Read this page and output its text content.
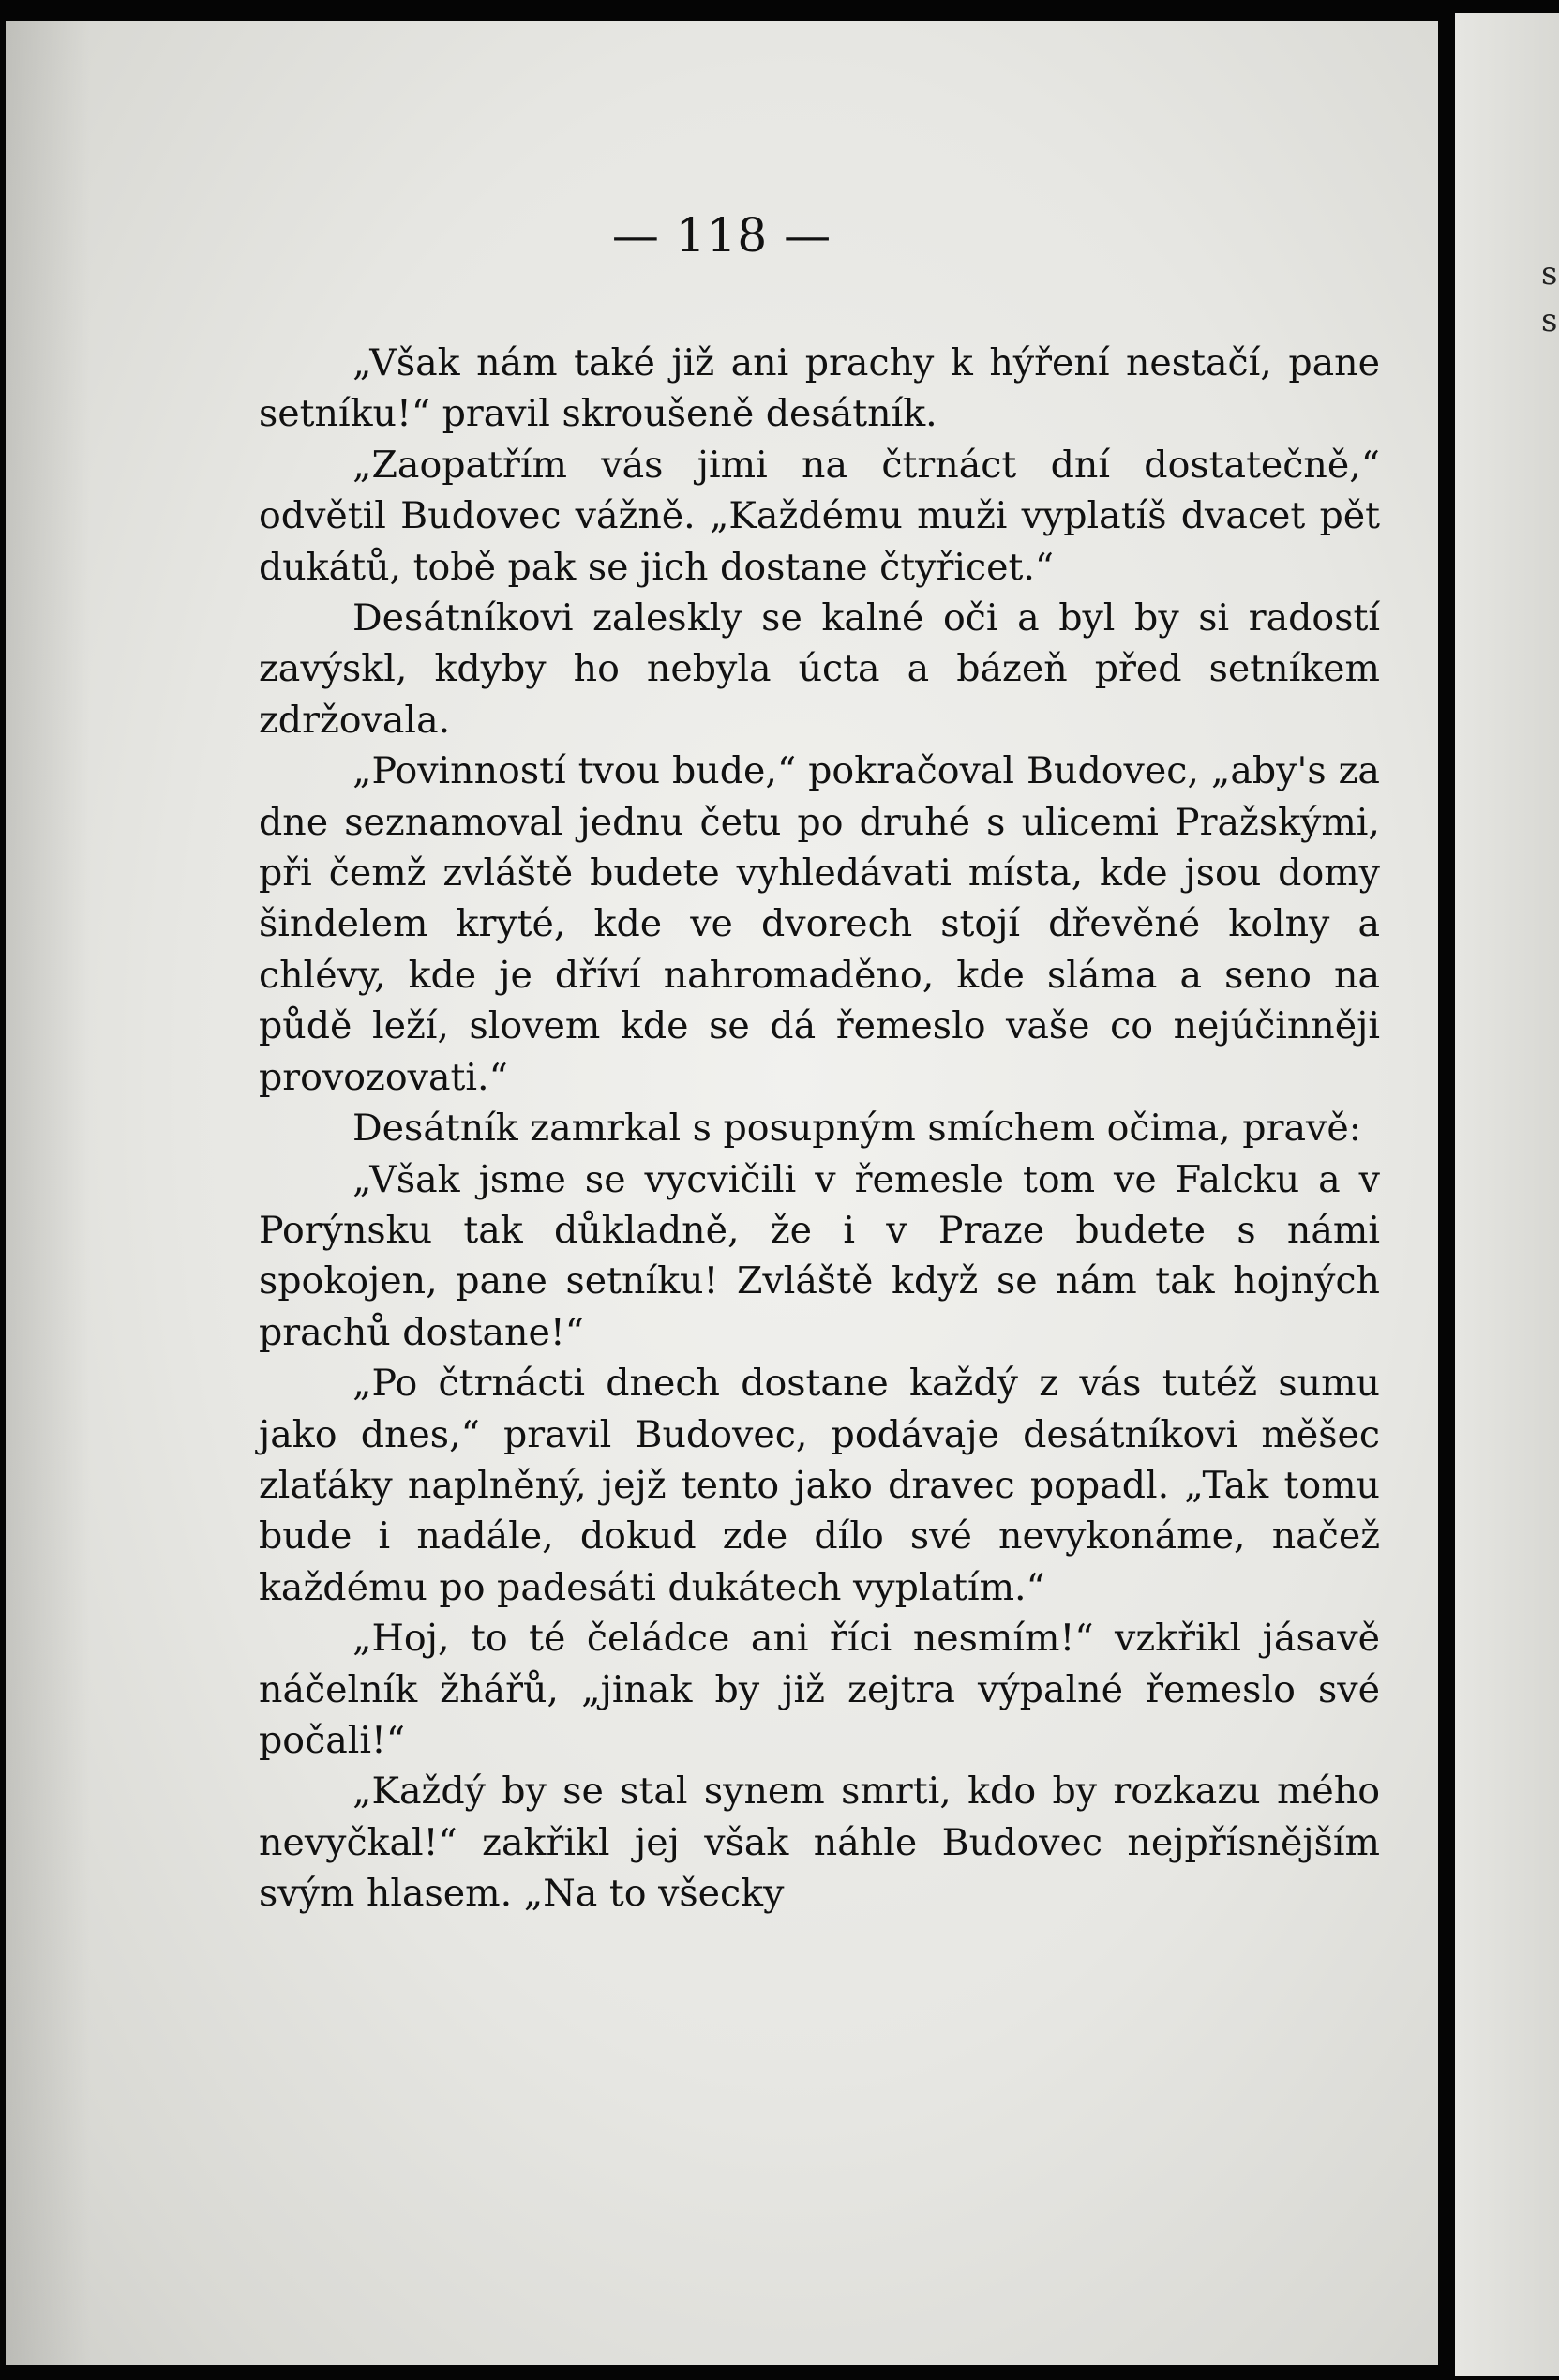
— 118 —

„Však nám také již ani prachy k hýření nestačí, pane setníku!“ pravil skroušeně desátník.

„Zaopatřím vás jimi na čtrnáct dní dostatečně,“ odvětil Budovec vážně. „Každému muži vyplatíš dvacet pět dukátů, tobě pak se jich dostane čtyřicet.“

Desátníkovi zaleskly se kalné oči a byl by si radostí zavýskl, kdyby ho nebyla úcta a bázeň před setníkem zdržovala.

„Povinností tvou bude,“ pokračoval Budovec, „aby's za dne seznamoval jednu četu po druhé s ulicemi Pražskými, při čemž zvláště budete vyhledávati místa, kde jsou domy šindelem kryté, kde ve dvorech stojí dřevěné kolny a chlévy, kde je dříví nahromaděno, kde sláma a seno na půdě leží, slovem kde se dá řemeslo vaše co nejúčinněji provozovati.“

Desátník zamrkal s posupným smíchem očima, pravě:

„Však jsme se vycvičili v řemesle tom ve Falcku a v Porýnsku tak důkladně, že i v Praze budete s námi spokojen, pane setníku! Zvláště když se nám tak hojných prachů dostane!“

„Po čtrnácti dnech dostane každý z vás tutéž sumu jako dnes,“ pravil Budovec, podávaje desátníkovi měšec zlaťáky naplněný, jejž tento jako dravec popadl. „Tak tomu bude i nadále, dokud zde dílo své nevykonáme, načež každému po padesáti dukátech vyplatím.“

„Hoj, to té čeládce ani říci nesmím!“ vzkřikl jásavě náčelník žhářů, „jinak by již zejtra výpalné řemeslo své počali!“

„Každý by se stal synem smrti, kdo by rozkazu mého nevyčkal!“ zakřikl jej však náhle Budovec nejpřísnějším svým hlasem. „Na to všecky

s
s
